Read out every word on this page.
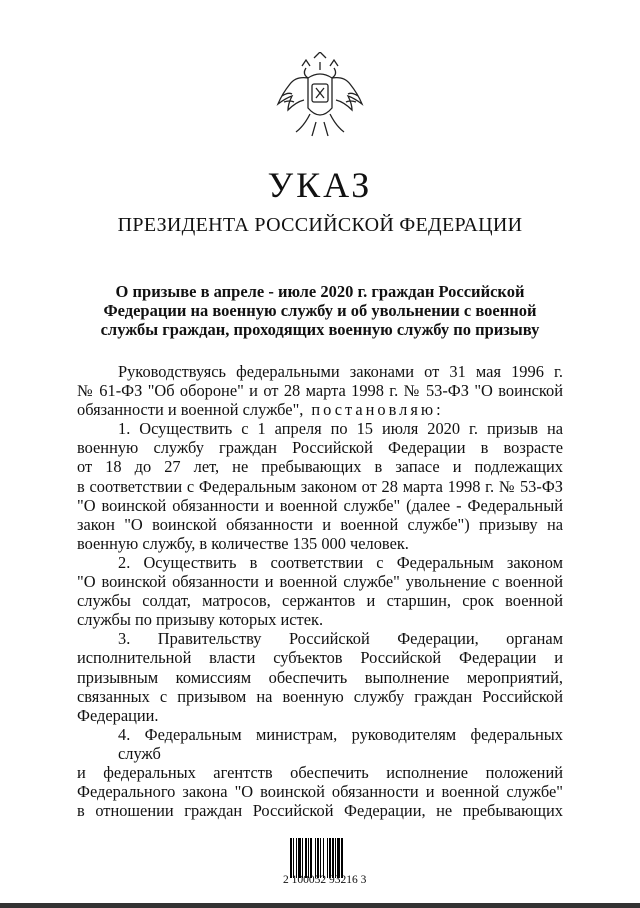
УКАЗ
ПРЕЗИДЕНТА РОССИЙСКОЙ ФЕДЕРАЦИИ
О призыве в апреле - июле 2020 г. граждан Российской
Федерации на военную службу и об увольнении с военной
службы граждан, проходящих военную службу по призыву
Руководствуясь федеральными законами от 31 мая 1996 г.
№ 61-ФЗ "Об обороне" и от 28 марта 1998 г. № 53-ФЗ "О воинской
обязанности и военной службе", постановляю:
1. Осуществить с 1 апреля по 15 июля 2020 г. призыв на
военную службу граждан Российской Федерации в возрасте
от 18 до 27 лет, не пребывающих в запасе и подлежащих
в соответствии с Федеральным законом от 28 марта 1998 г. № 53-ФЗ
"О воинской обязанности и военной службе" (далее - Федеральный
закон "О воинской обязанности и военной службе") призыву на
военную службу, в количестве 135 000 человек.
2. Осуществить в соответствии с Федеральным законом
"О воинской обязанности и военной службе" увольнение с военной
службы солдат, матросов, сержантов и старшин, срок военной
службы по призыву которых истек.
3. Правительству Российской Федерации, органам
исполнительной власти субъектов Российской Федерации и
призывным комиссиям обеспечить выполнение мероприятий,
связанных с призывом на военную службу граждан Российской
Федерации.
4. Федеральным министрам, руководителям федеральных служб
и федеральных агентств обеспечить исполнение положений
Федерального закона "О воинской обязанности и военной службе"
в отношении граждан Российской Федерации, не пребывающих
2 100052 93216 3
